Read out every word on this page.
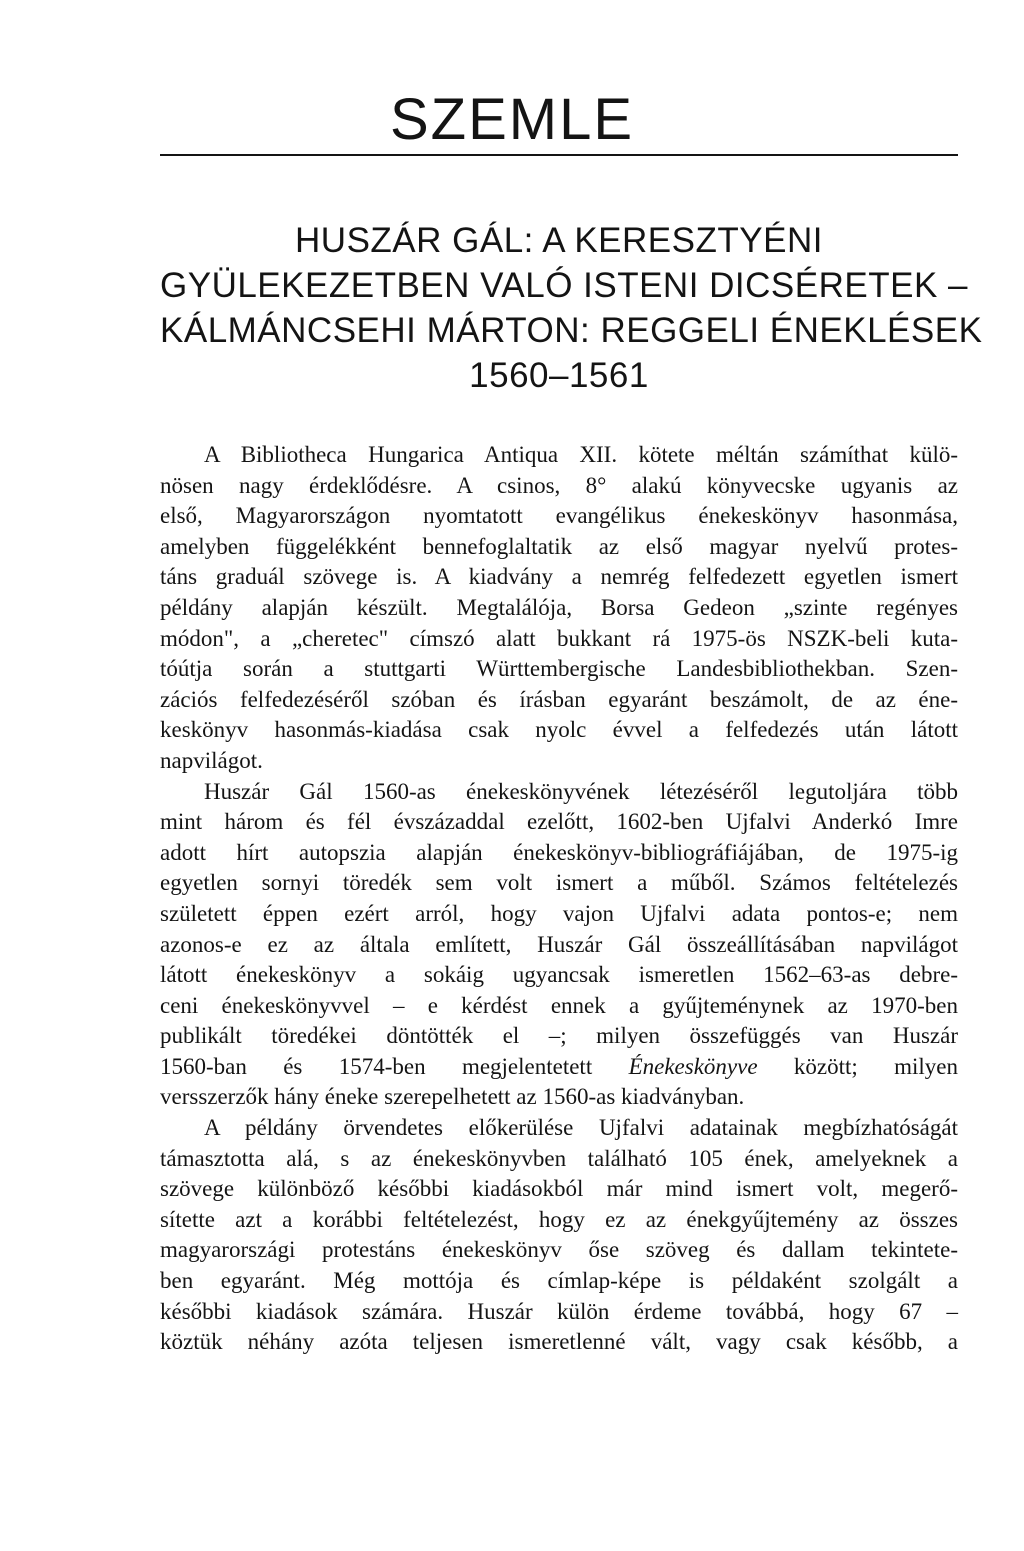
SZEMLE
HUSZÁR GÁL: A KERESZTYÉNI
GYÜLEKEZETBEN VALÓ ISTENI DICSÉRETEK –
KÁLMÁNCSEHI MÁRTON: REGGELI ÉNEKLÉSEK
1560–1561
A Bibliotheca Hungarica Antiqua XII. kötete méltán számíthat külö-
nösen nagy érdeklődésre. A csinos, 8° alakú könyvecske ugyanis az
első, Magyarországon nyomtatott evangélikus énekeskönyv hasonmása,
amelyben függelékként bennefoglaltatik az első magyar nyelvű protes-
táns graduál szövege is. A kiadvány a nemrég felfedezett egyetlen ismert
példány alapján készült. Megtalálója, Borsa Gedeon „szinte regényes
módon", a „cheretec" címszó alatt bukkant rá 1975-ös NSZK-beli kuta-
tóútja során a stuttgarti Württembergische Landesbibliothekban. Szen-
zációs felfedezéséről szóban és írásban egyaránt beszámolt, de az éne-
keskönyv hasonmás-kiadása csak nyolc évvel a felfedezés után látott
napvilágot.
Huszár Gál 1560-as énekeskönyvének létezéséről legutoljára több
mint három és fél évszázaddal ezelőtt, 1602-ben Ujfalvi Anderkó Imre
adott hírt autopszia alapján énekeskönyv-bibliográfiájában, de 1975-ig
egyetlen sornyi töredék sem volt ismert a műből. Számos feltételezés
született éppen ezért arról, hogy vajon Ujfalvi adata pontos-e; nem
azonos-e ez az általa említett, Huszár Gál összeállításában napvilágot
látott énekeskönyv a sokáig ugyancsak ismeretlen 1562–63-as debre-
ceni énekeskönyvvel – e kérdést ennek a gyűjteménynek az 1970-ben
publikált töredékei döntötték el –; milyen összefüggés van Huszár
1560-ban és 1574-ben megjelentetett Énekeskönyve között; milyen
versszerzők hány éneke szerepelhetett az 1560-as kiadványban.
A példány örvendetes előkerülése Ujfalvi adatainak megbízhatóságát
támasztotta alá, s az énekeskönyvben található 105 ének, amelyeknek a
szövege különböző későbbi kiadásokból már mind ismert volt, megerő-
sítette azt a korábbi feltételezést, hogy ez az énekgyűjtemény az összes
magyarországi protestáns énekeskönyv őse szöveg és dallam tekintete-
ben egyaránt. Még mottója és címlap-képe is példaként szolgált a
későbbi kiadások számára. Huszár külön érdeme továbbá, hogy 67 –
köztük néhány azóta teljesen ismeretlenné vált, vagy csak később, a
